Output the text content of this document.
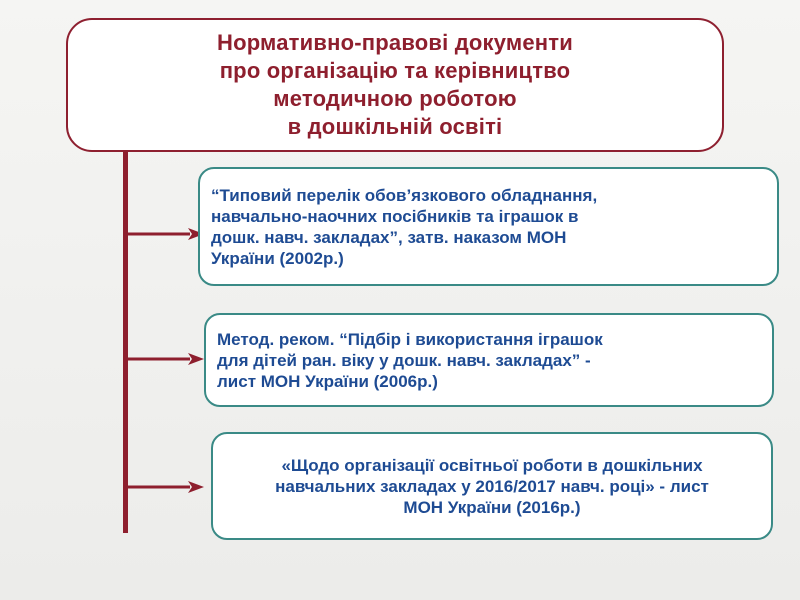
Нормативно-правові документи
про організацію та керівництво
методичною роботою
в дошкільній освіті
“Типовий перелік обов’язкового обладнання,
навчально-наочних посібників та іграшок в
дошк. навч. закладах”, затв. наказом МОН
України (2002р.)
Метод. реком. “Підбір і використання іграшок
для дітей ран. віку у дошк. навч. закладах” -
лист МОН України (2006р.)
«Щодо організації освітньої роботи в дошкільних
навчальних закладах у 2016/2017 навч. році» - лист
МОН України (2016р.)
